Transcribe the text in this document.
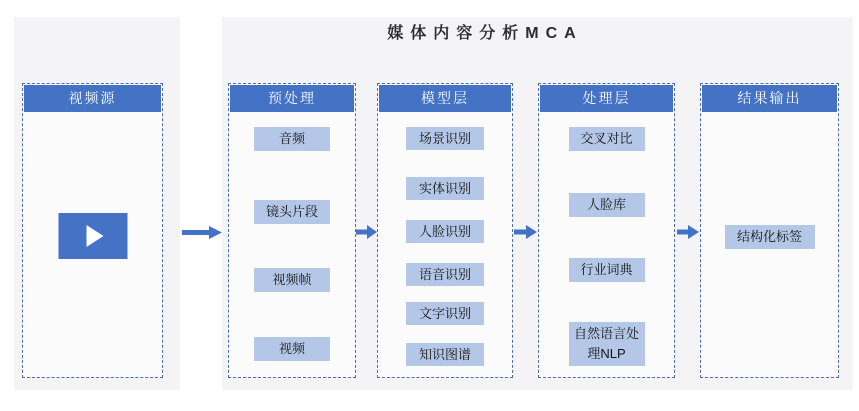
媒体内容分析MCA
视频源	预处理
音频
镜头片段
视频帧
视频
模型层
场景识别
实体识别
人脸识别
语音识别
文字识别
知识图谱
处理层
交叉对比
人脸库
行业词典
自然语言处理NLP
结果输出
结构化标签
